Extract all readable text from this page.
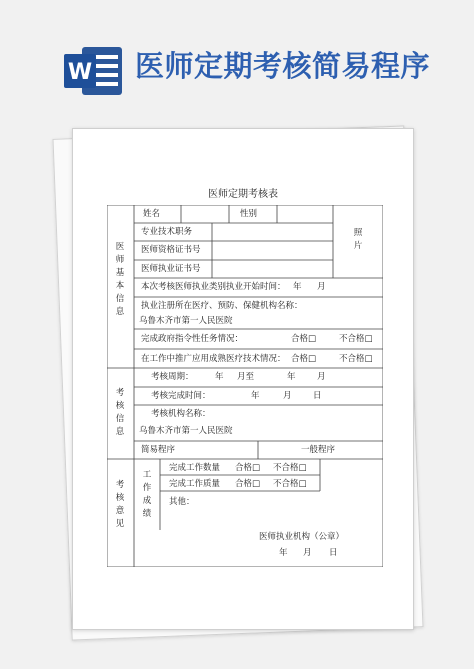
W 医师定期考核简易程序
医师定期考核表
医师基本信息
姓名	性别
专业技术职务
医师资格证书号
医师执业证书号
照片
本次考核医师执业类别执业开始时间： 年 月
执业注册所在医疗、预防、保健机构名称：
乌鲁木齐市第一人民医院
完成政府指令性任务情况：	合格□	不合格□
在工作中推广应用成熟医疗技术情况： 合格□	不合格□
考核信息
考核周期：	年 月至	年	月
考核完成时间：	年	月	日
考核机构名称：
乌鲁木齐市第一人民医院
简易程序	一般程序
考核意见
工作成绩
完成工作数量 合格□ 不合格□
完成工作质量 合格□ 不合格□
其他：
医师执业机构（公章）
年 月 日
